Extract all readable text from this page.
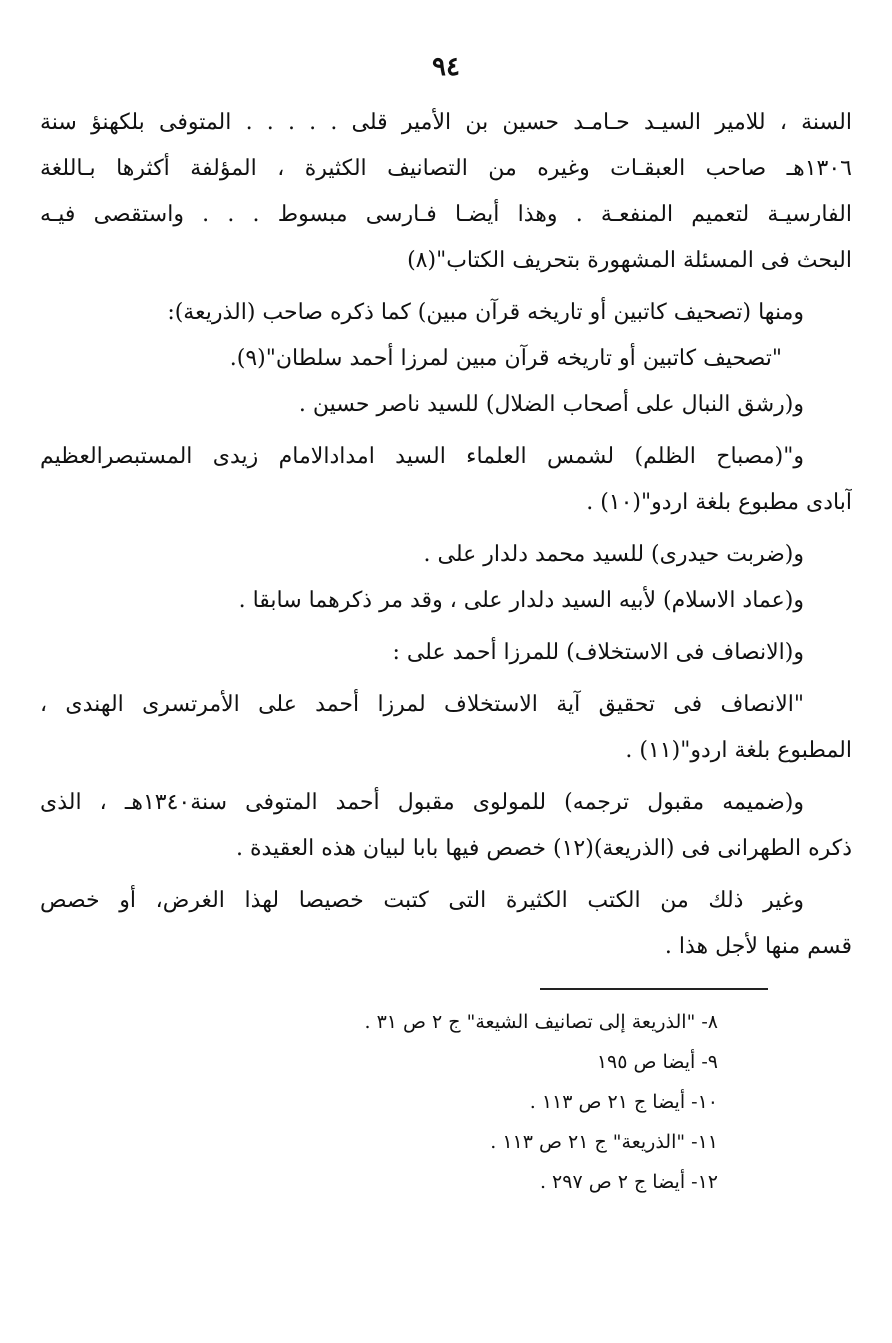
٩٤
السنة ، للامير السيـد حـامـد حسين بن الأمير قلى . . . . . المتوفى بلكهنؤ سنة
١٣٠٦هـ صاحب العبقـات وغيره من التصانيف الكثيرة ، المؤلفة أكثرها بـاللغة
الفارسيـة لتعميم المنفعـة . وهذا أيضـا فـارسى مبسوط . . . واستقصى فيـه
البحث فى المسئلة المشهورة بتحريف الكتاب"(٨)
ومنها (تصحيف كاتبين أو تاريخه قرآن مبين) كما ذكره صاحب (الذريعة):
"تصحيف كاتبين أو تاريخه قرآن مبين لمرزا أحمد سلطان"(٩).
و(رشق النبال على أصحاب الضلال) للسيد ناصر حسين .
و"(مصباح الظلم) لشمس العلماء السيد امدادالامام زيدى المستبصرالعظيم
آبادى مطبوع بلغة اردو"(١٠) .
و(ضربت حيدرى) للسيد محمد دلدار على .
و(عماد الاسلام) لأبيه السيد دلدار على ، وقد مر ذكرهما سابقا .
و(الانصاف فى الاستخلاف) للمرزا أحمد على :
"الانصاف فى تحقيق آية الاستخلاف لمرزا أحمد على الأمرتسرى الهندى ،
المطبوع بلغة اردو"(١١) .
و(ضميمه مقبول ترجمه) للمولوى مقبول أحمد المتوفى سنة١٣٤٠هـ ، الذى
ذكره الطهرانى فى (الذريعة)(١٢) خصص فيها بابا لبيان هذه العقيدة .
وغير ذلك من الكتب الكثيرة التى كتبت خصيصا لهذا الغرض، أو خصص
قسم منها لأجل هذا .
٨- "الذريعة إلى تصانيف الشيعة" ج ٢ ص ٣١ .
٩- أيضا ص ١٩٥
١٠- أيضا ج ٢١ ص ١١٣ .
١١- "الذريعة" ج ٢١ ص ١١٣ .
١٢- أيضا ج ٢ ص ٢٩٧ .
